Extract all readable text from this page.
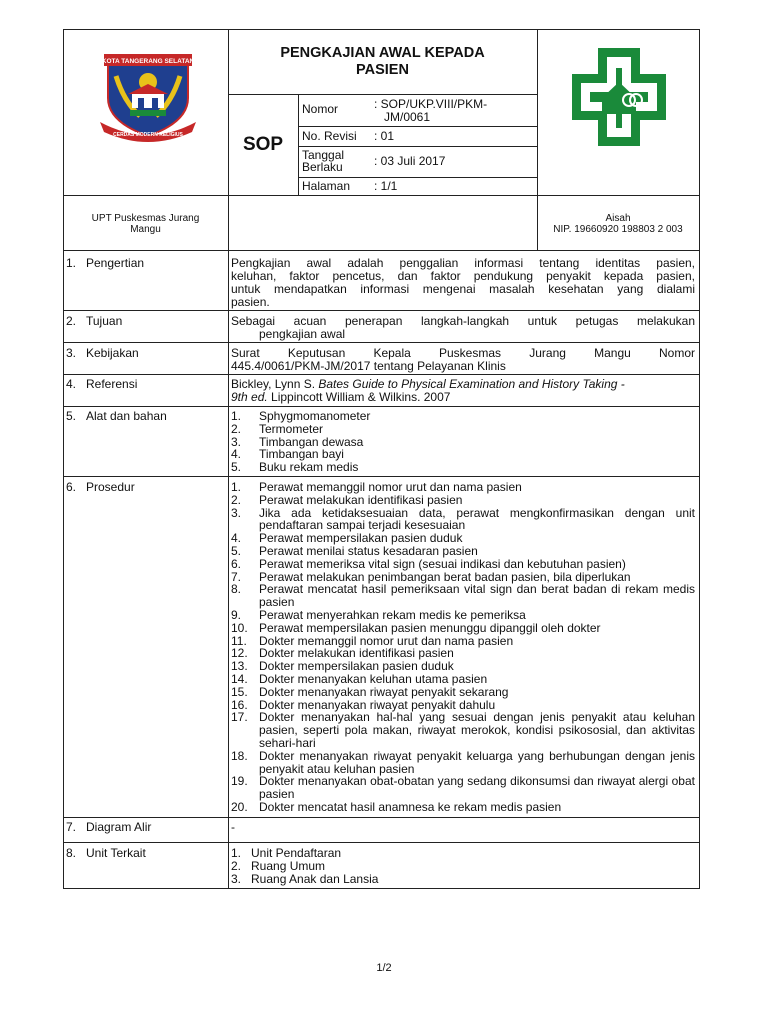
KOTA TANGERANG SELATAN
CERDAS MODERN RELIGIUS
PENGKAJIAN AWAL KEPADA
PASIEN
SOP
Nomor	: SOP/UKP.VIII/PKM-
JM/0061
No. Revisi : 01
Tanggal
Berlaku	: 03 Juli 2017
Halaman : 1/1
UPT Puskesmas Jurang
Mangu
Aisah
NIP. 19660920 198803 2 003
1. Pengertian
2. Tujuan
3. Kebijakan
4. Referensi
5. Alat dan bahan
6. Prosedur
7. Diagram Alir
8. Unit Terkait
Pengkajian awal adalah penggalian informasi tentang identitas pasien,
keluhan, faktor pencetus, dan faktor pendukung penyakit kepada pasien,
untuk mendapatkan informasi mengenai masalah kesehatan yang dialami
pasien.
Sebagai acuan penerapan langkah-langkah untuk petugas melakukan
pengkajian awal
Surat Keputusan Kepala Puskesmas Jurang Mangu Nomor
445.4/0061/PKM-JM/2017 tentang Pelayanan Klinis
Bickley, Lynn S. Bates Guide to Physical Examination and History Taking -
9th ed. Lippincott William & Wilkins. 2007
1. Sphygmomanometer
2. Termometer
3. Timbangan dewasa
4. Timbangan bayi
5. Buku rekam medis
1. Perawat memanggil nomor urut dan nama pasien
2. Perawat melakukan identifikasi pasien
3. Jika ada ketidaksesuaian data, perawat mengkonfirmasikan dengan unit pendaftaran sampai terjadi kesesuaian
4. Perawat mempersilakan pasien duduk
5. Perawat menilai status kesadaran pasien
6. Perawat memeriksa vital sign (sesuai indikasi dan kebutuhan pasien)
7. Perawat melakukan penimbangan berat badan pasien, bila diperlukan
8. Perawat mencatat hasil pemeriksaan vital sign dan berat badan di rekam medis pasien
9. Perawat menyerahkan rekam medis ke pemeriksa
10. Perawat mempersilakan pasien menunggu dipanggil oleh dokter
11. Dokter memanggil nomor urut dan nama pasien
12. Dokter melakukan identifikasi pasien
13. Dokter mempersilakan pasien duduk
14. Dokter menanyakan keluhan utama pasien
15. Dokter menanyakan riwayat penyakit sekarang
16. Dokter menanyakan riwayat penyakit dahulu
17. Dokter menanyakan hal-hal yang sesuai dengan jenis penyakit atau keluhan pasien, seperti pola makan, riwayat merokok, kondisi psikososial, dan aktivitas sehari-hari
18. Dokter menanyakan riwayat penyakit keluarga yang berhubungan dengan jenis penyakit atau keluhan pasien
19. Dokter menanyakan obat-obatan yang sedang dikonsumsi dan riwayat alergi obat pasien
20. Dokter mencatat hasil anamnesa ke rekam medis pasien
-
1. Unit Pendaftaran
2. Ruang Umum
3. Ruang Anak dan Lansia
1/2
